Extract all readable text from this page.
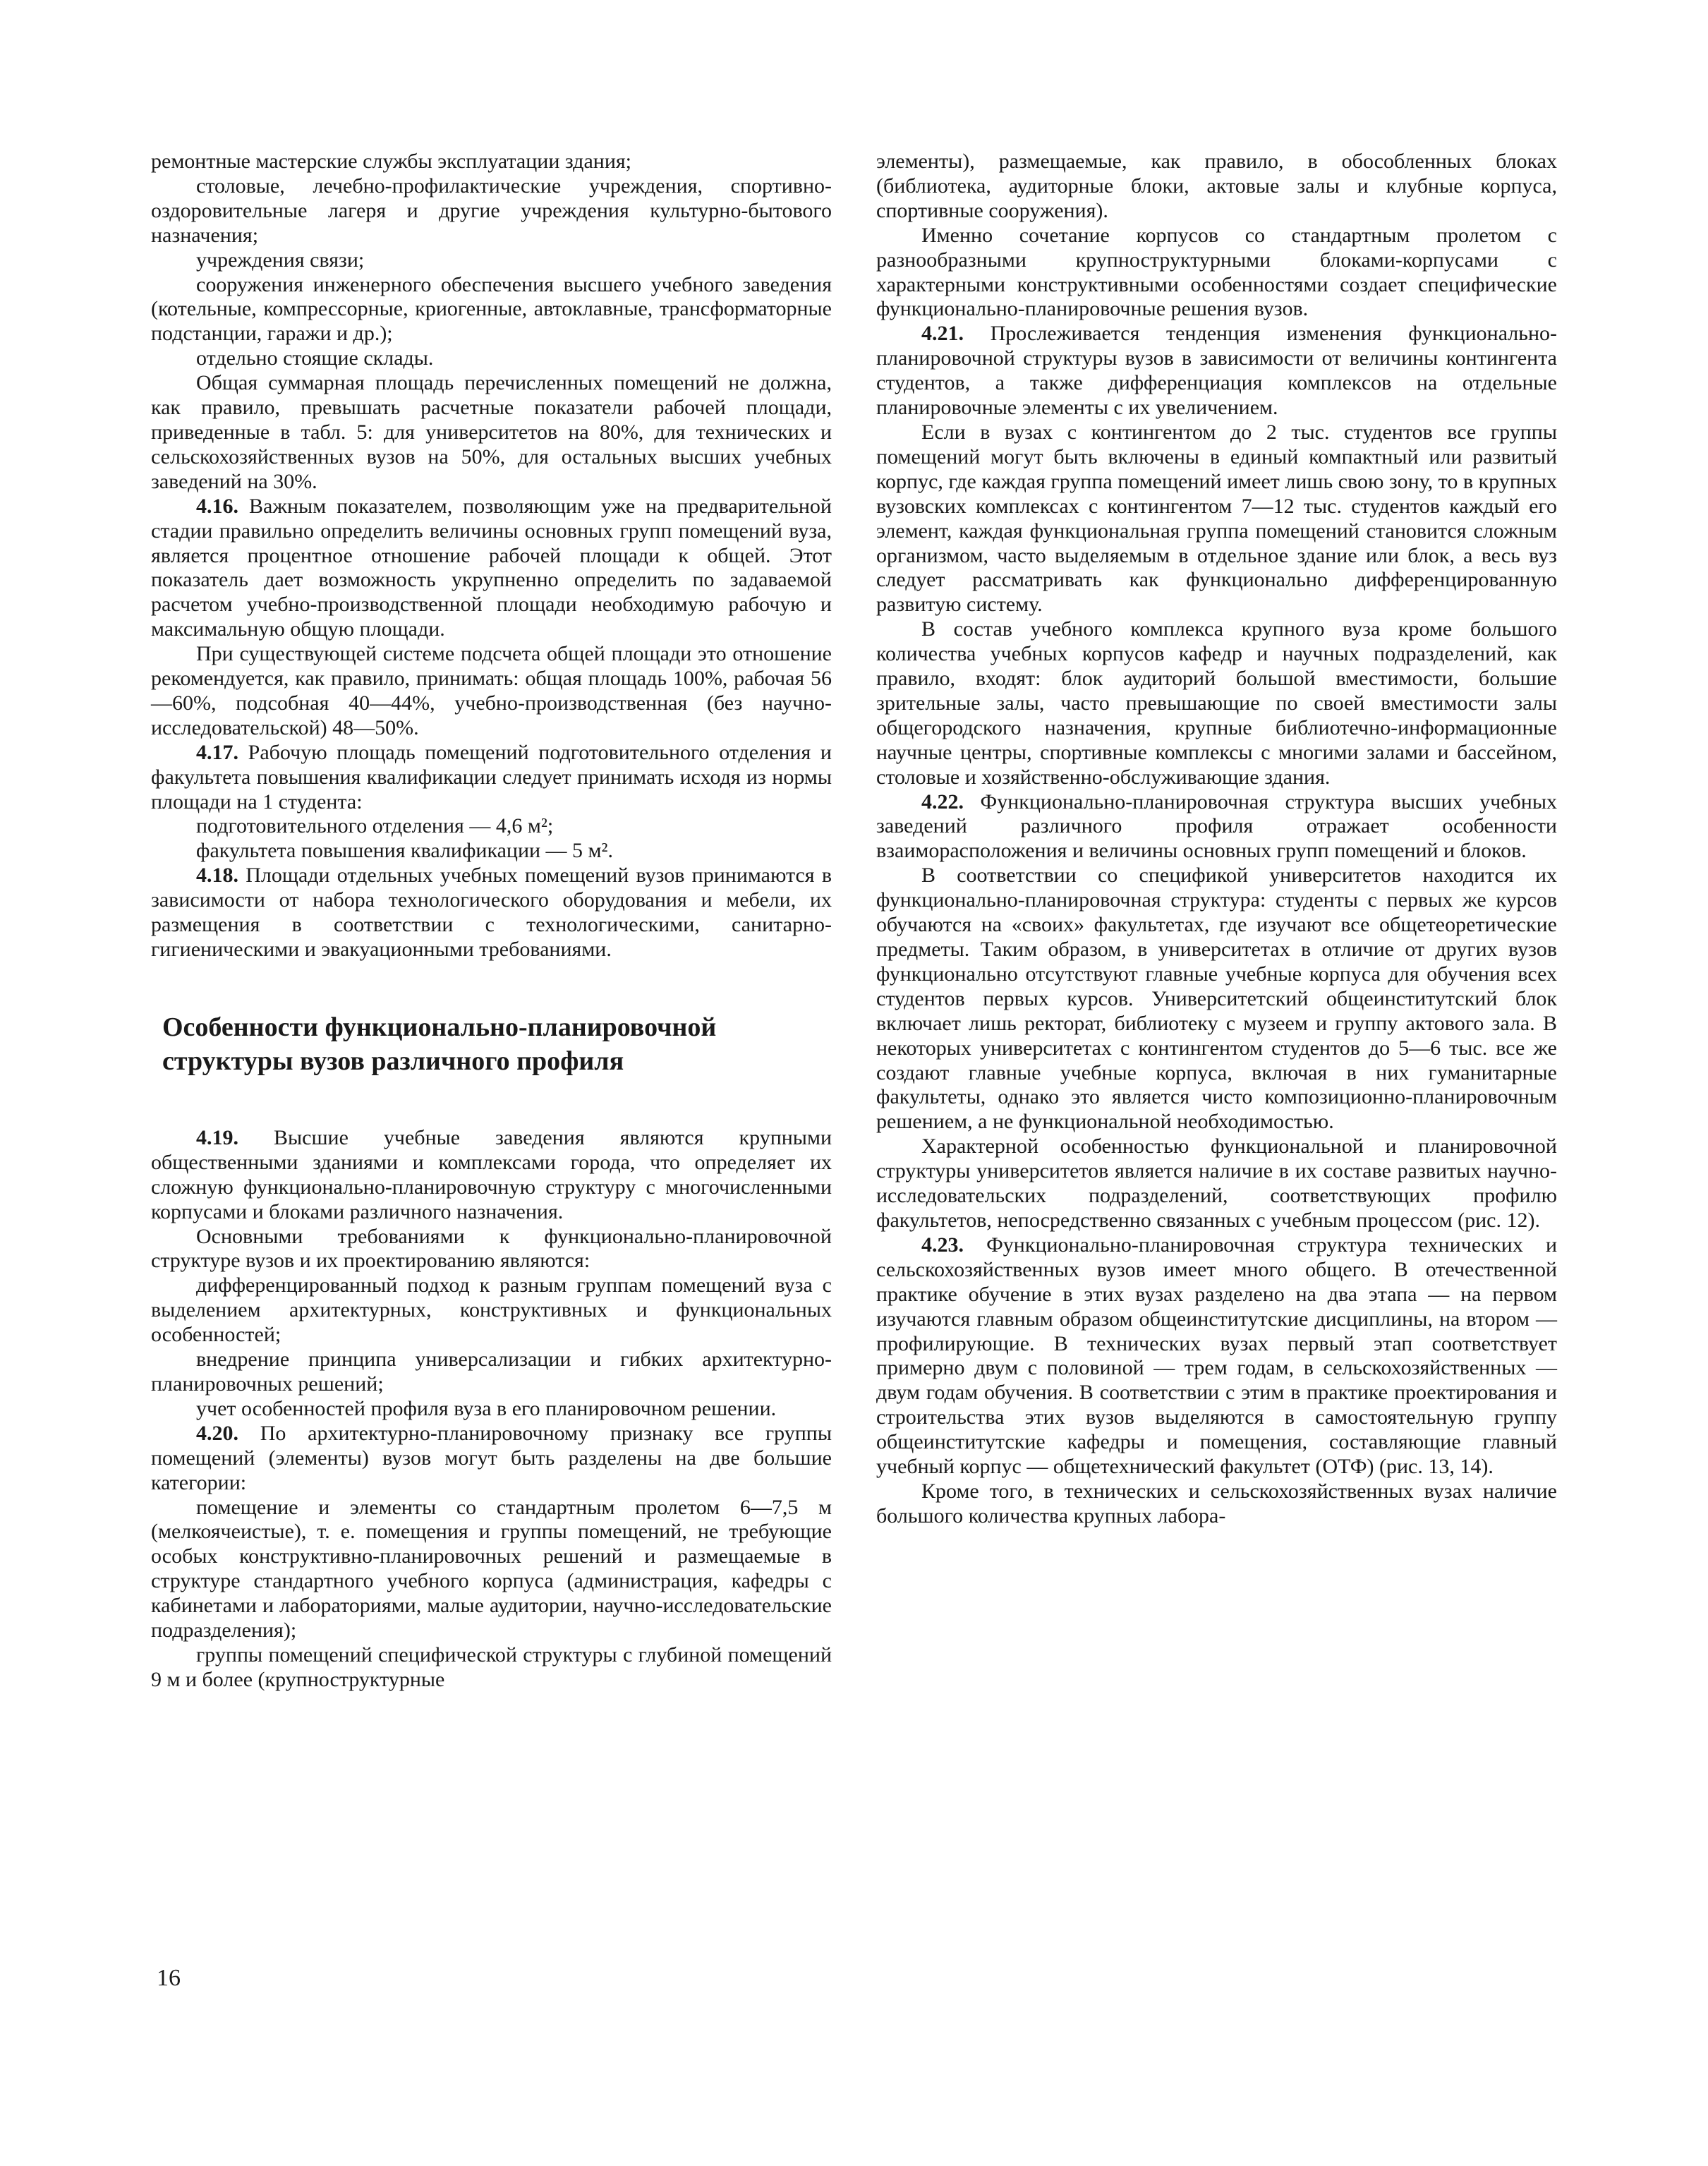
ремонтные мастерские службы эксплуатации здания;

столовые, лечебно-профилактические учреждения, спортивно-оздоровительные лагеря и другие учреждения культурно-бытового назначения;

учреждения связи;

сооружения инженерного обеспечения высшего учебного заведения (котельные, компрессорные, криогенные, автоклавные, трансформаторные подстанции, гаражи и др.);

отдельно стоящие склады.

Общая суммарная площадь перечисленных помещений не должна, как правило, превышать расчетные показатели рабочей площади, приведенные в табл. 5: для университетов на 80%, для технических и сельскохозяйственных вузов на 50%, для остальных высших учебных заведений на 30%.

4.16. Важным показателем, позволяющим уже на предварительной стадии правильно определить величины основных групп помещений вуза, является процентное отношение рабочей площади к общей. Этот показатель дает возможность укрупненно определить по задаваемой расчетом учебно-производственной площади необходимую рабочую и максимальную общую площади.

При существующей системе подсчета общей площади это отношение рекомендуется, как правило, принимать: общая площадь 100%, рабочая 56—60%, подсобная 40—44%, учебно-производственная (без научно-исследовательской) 48—50%.

4.17. Рабочую площадь помещений подготовительного отделения и факультета повышения квалификации следует принимать исходя из нормы площади на 1 студента:

подготовительного отделения — 4,6 м²;

факультета повышения квалификации — 5 м².

4.18. Площади отдельных учебных помещений вузов принимаются в зависимости от набора технологического оборудования и мебели, их размещения в соответствии с технологическими, санитарно-гигиеническими и эвакуационными требованиями.

Особенности функционально-планировочной структуры вузов различного профиля

4.19. Высшие учебные заведения являются крупными общественными зданиями и комплексами города, что определяет их сложную функционально-планировочную структуру с многочисленными корпусами и блоками различного назначения.

Основными требованиями к функционально-планировочной структуре вузов и их проектированию являются:

дифференцированный подход к разным группам помещений вуза с выделением архитектурных, конструктивных и функциональных особенностей;

внедрение принципа универсализации и гибких архитектурно-планировочных решений;

учет особенностей профиля вуза в его планировочном решении.

4.20. По архитектурно-планировочному признаку все группы помещений (элементы) вузов могут быть разделены на две большие категории:

помещение и элементы со стандартным пролетом 6—7,5 м (мелкоячеистые), т. е. помещения и группы помещений, не требующие особых конструктивно-планировочных решений и размещаемые в структуре стандартного учебного корпуса (администрация, кафедры с кабинетами и лабораториями, малые аудитории, научно-исследовательские подразделения);

группы помещений специфической структуры с глубиной помещений 9 м и более (крупноструктурные

элементы), размещаемые, как правило, в обособленных блоках (библиотека, аудиторные блоки, актовые залы и клубные корпуса, спортивные сооружения).

Именно сочетание корпусов со стандартным пролетом с разнообразными крупноструктурными блоками-корпусами с характерными конструктивными особенностями создает специфические функционально-планировочные решения вузов.

4.21. Прослеживается тенденция изменения функционально-планировочной структуры вузов в зависимости от величины контингента студентов, а также дифференциация комплексов на отдельные планировочные элементы с их увеличением.

Если в вузах с контингентом до 2 тыс. студентов все группы помещений могут быть включены в единый компактный или развитый корпус, где каждая группа помещений имеет лишь свою зону, то в крупных вузовских комплексах с контингентом 7—12 тыс. студентов каждый его элемент, каждая функциональная группа помещений становится сложным организмом, часто выделяемым в отдельное здание или блок, а весь вуз следует рассматривать как функционально дифференцированную развитую систему.

В состав учебного комплекса крупного вуза кроме большого количества учебных корпусов кафедр и научных подразделений, как правило, входят: блок аудиторий большой вместимости, большие зрительные залы, часто превышающие по своей вместимости залы общегородского назначения, крупные библиотечно-информационные научные центры, спортивные комплексы с многими залами и бассейном, столовые и хозяйственно-обслуживающие здания.

4.22. Функционально-планировочная структура высших учебных заведений различного профиля отражает особенности взаиморасположения и величины основных групп помещений и блоков.

В соответствии со спецификой университетов находится их функционально-планировочная структура: студенты с первых же курсов обучаются на «своих» факультетах, где изучают все общетеоретические предметы. Таким образом, в университетах в отличие от других вузов функционально отсутствуют главные учебные корпуса для обучения всех студентов первых курсов. Университетский общеинститутский блок включает лишь ректорат, библиотеку с музеем и группу актового зала. В некоторых университетах с контингентом студентов до 5—6 тыс. все же создают главные учебные корпуса, включая в них гуманитарные факультеты, однако это является чисто композиционно-планировочным решением, а не функциональной необходимостью.

Характерной особенностью функциональной и планировочной структуры университетов является наличие в их составе развитых научно-исследовательских подразделений, соответствующих профилю факультетов, непосредственно связанных с учебным процессом (рис. 12).

4.23. Функционально-планировочная структура технических и сельскохозяйственных вузов имеет много общего. В отечественной практике обучение в этих вузах разделено на два этапа — на первом изучаются главным образом общеинститутские дисциплины, на втором — профилирующие. В технических вузах первый этап соответствует примерно двум с половиной — трем годам, в сельскохозяйственных — двум годам обучения. В соответствии с этим в практике проектирования и строительства этих вузов выделяются в самостоятельную группу общеинститутские кафедры и помещения, составляющие главный учебный корпус — общетехнический факультет (ОТФ) (рис. 13, 14).

Кроме того, в технических и сельскохозяйственных вузах наличие большого количества крупных лабора-

16
